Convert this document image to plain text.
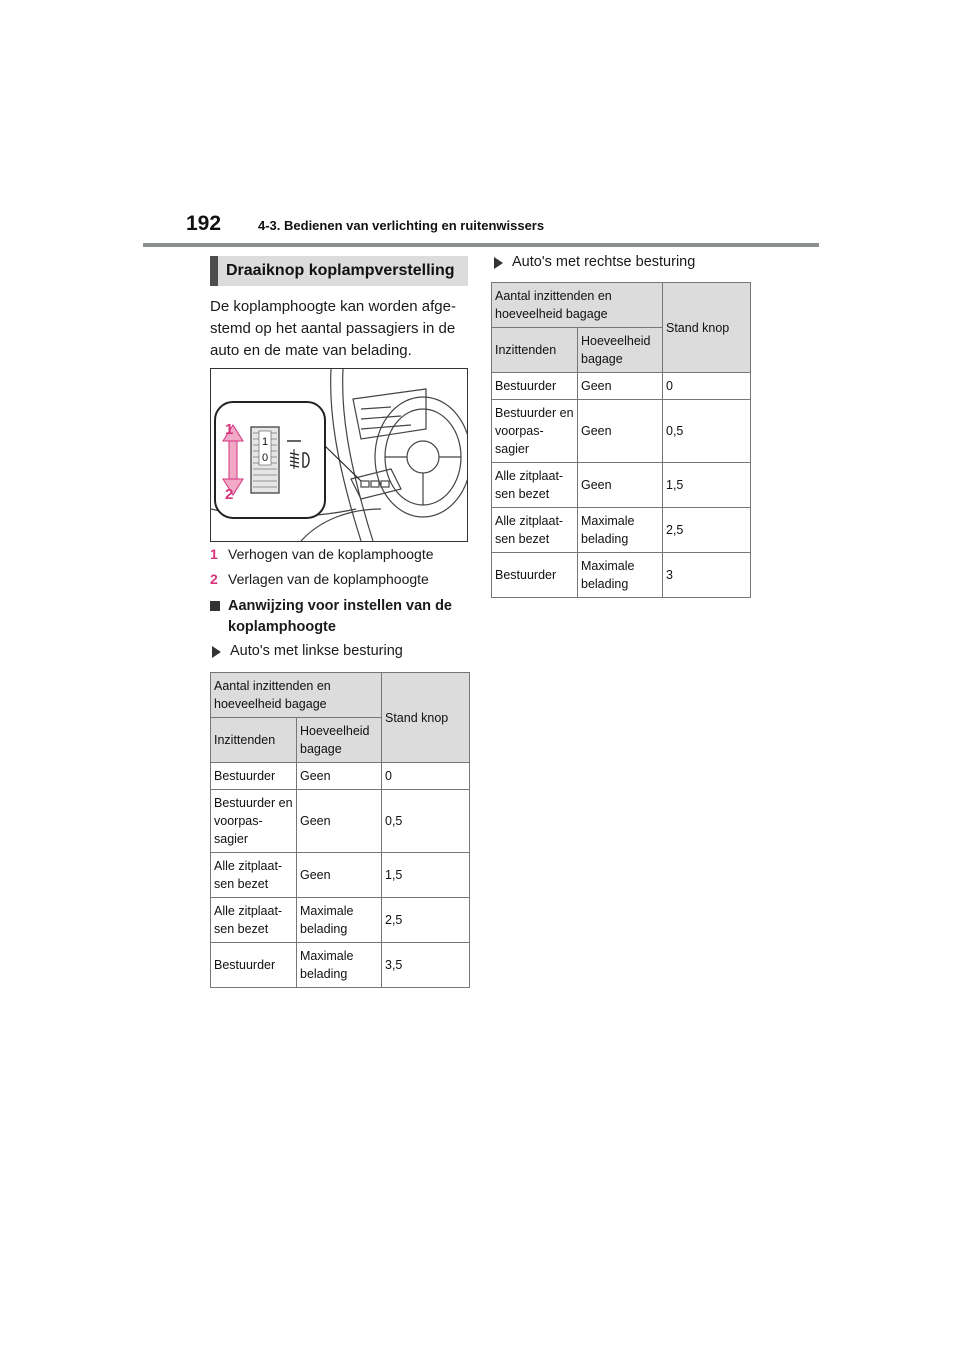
192	4-3. Bedienen van verlichting en ruitenwissers
Draaiknop koplampverstelling
De koplamphoogte kan worden afge-stemd op het aantal passagiers in de auto en de mate van belading.
1
0
1
2
1 Verhogen van de koplamphoogte
2 Verlagen van de koplamphoogte
Aanwijzing voor instellen van de koplamphoogte
Auto's met linkse besturing
Aantal inzittenden en hoeveelheid bagage		Stand knop
Inzittenden	Hoeveelheid bagage	
Bestuurder	Geen	0
Bestuurder en voorpas-sagier	Geen	0,5
Alle zitplaat-sen bezet	Geen	1,5
Alle zitplaat-sen bezet	Maximale belading	2,5
Bestuurder	Maximale belading	3,5
Auto's met rechtse besturing
Aantal inzittenden en hoeveelheid bagage		Stand knop
Inzittenden	Hoeveelheid bagage	
Bestuurder	Geen	0
Bestuurder en voorpas-sagier	Geen	0,5
Alle zitplaat-sen bezet	Geen	1,5
Alle zitplaat-sen bezet	Maximale belading	2,5
Bestuurder	Maximale belading	3
